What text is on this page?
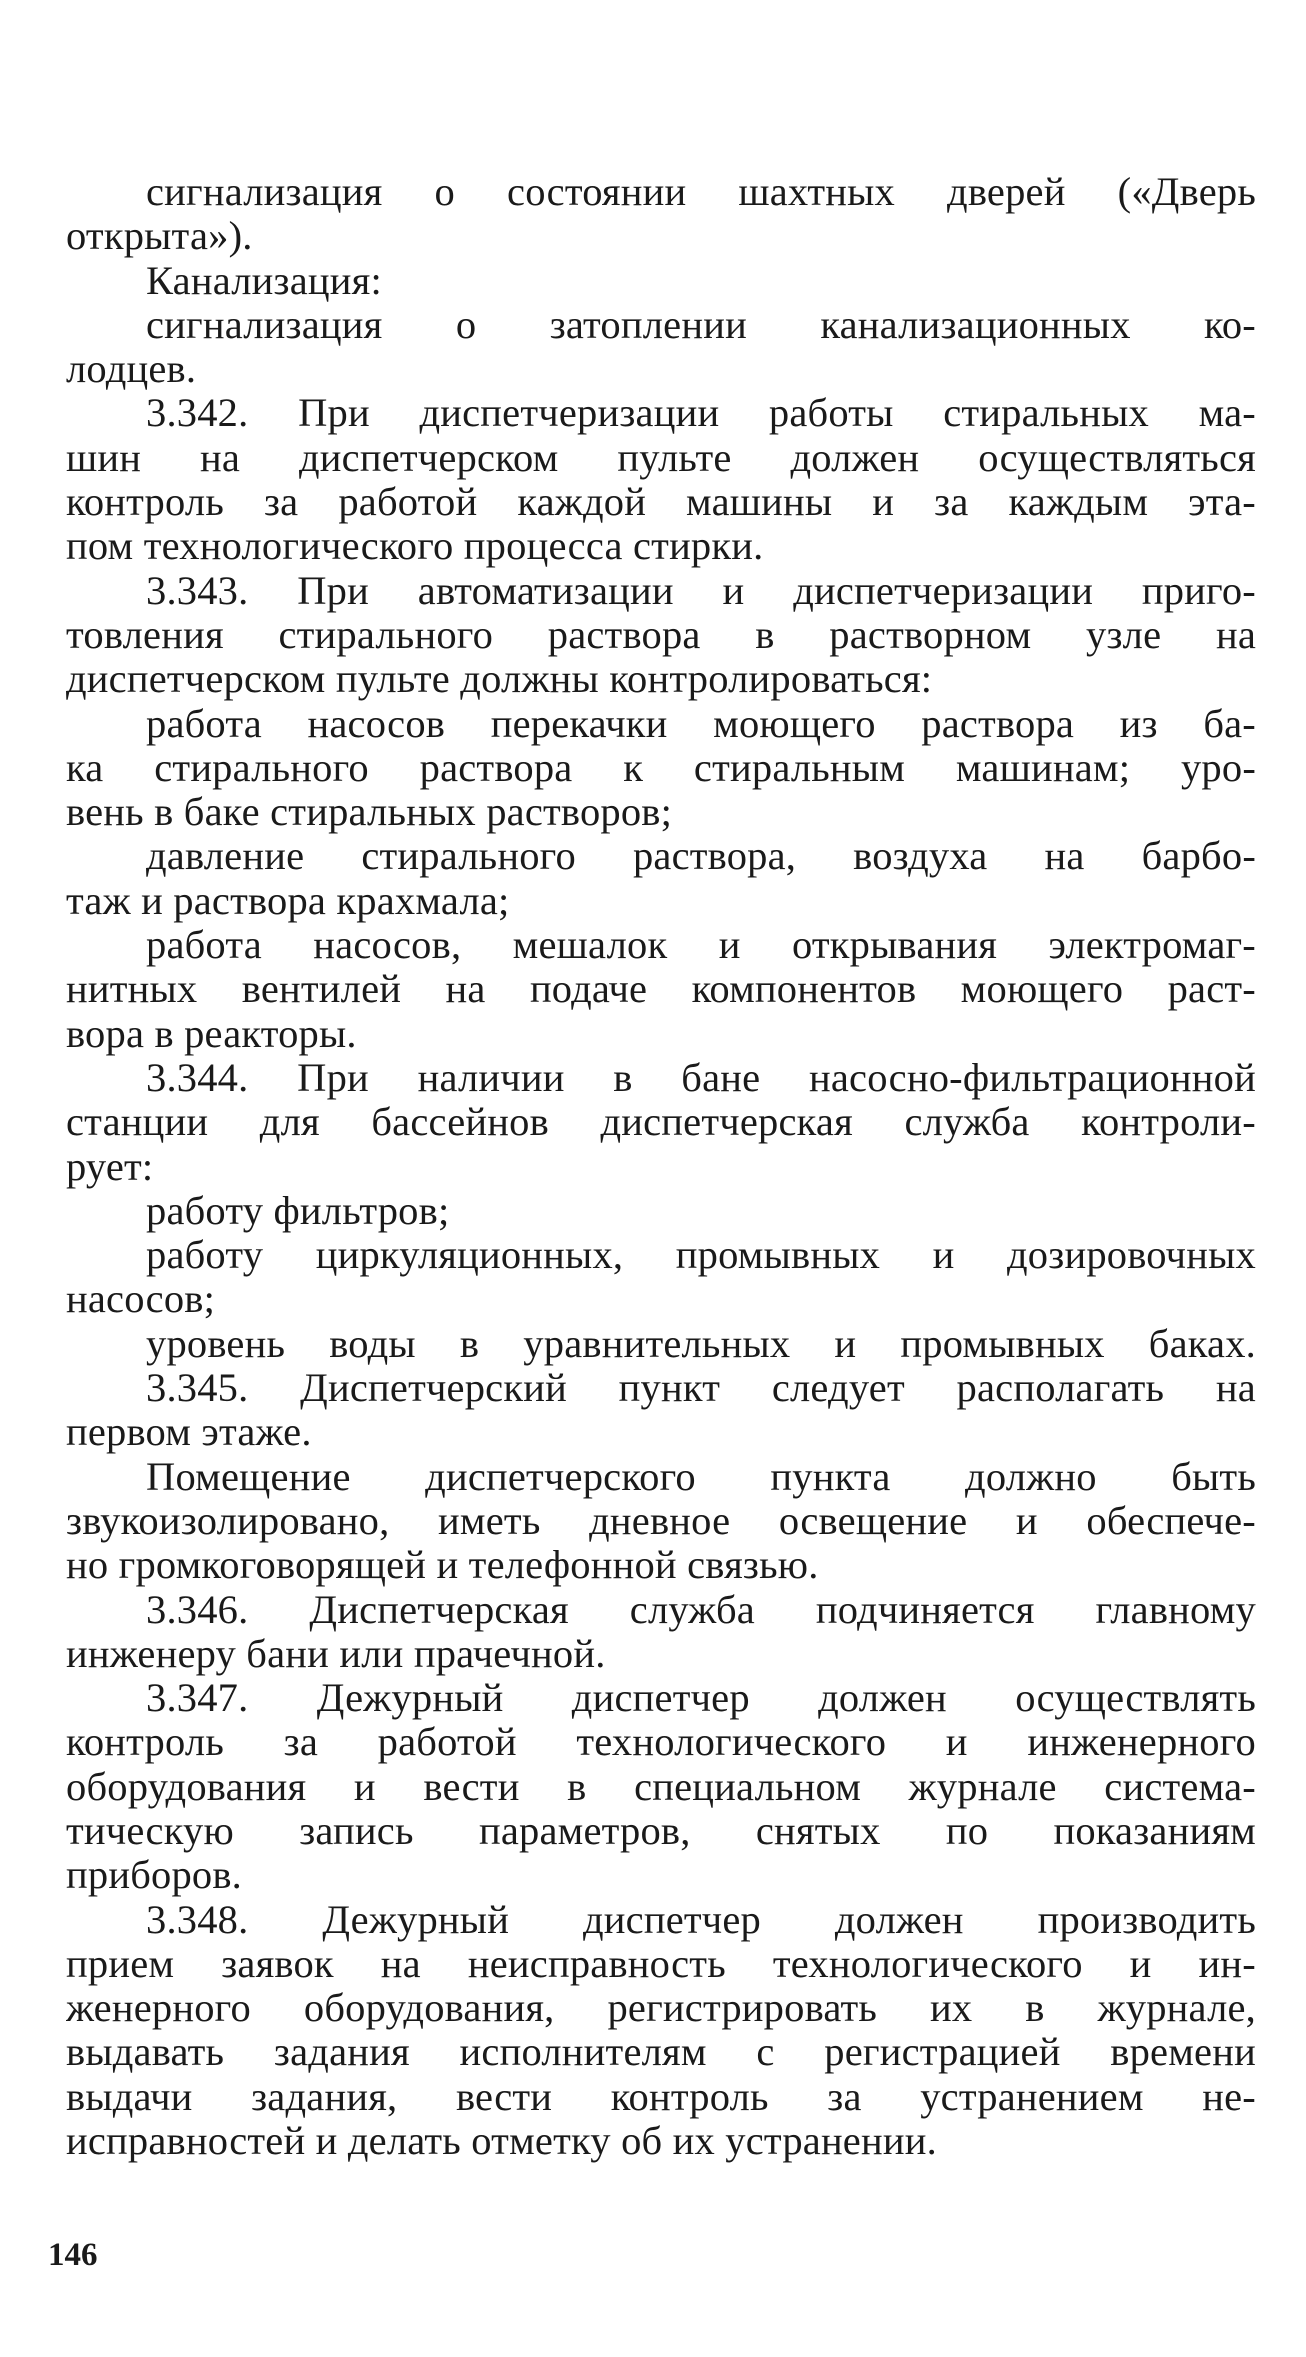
сигнализация о состоянии шахтных дверей («Дверь
открыта»).
Канализация:
сигнализация о затоплении канализационных ко-
лодцев.
3.342. При диспетчеризации работы стиральных ма-
шин на диспетчерском пульте должен осуществляться
контроль за работой каждой машины и за каждым эта-
пом технологического процесса стирки.
3.343. При автоматизации и диспетчеризации приго-
товления стирального раствора в растворном узле на
диспетчерском пульте должны контролироваться:
работа насосов перекачки моющего раствора из ба-
ка стирального раствора к стиральным машинам; уро-
вень в баке стиральных растворов;
давление стирального раствора, воздуха на барбо-
таж и раствора крахмала;
работа насосов, мешалок и открывания электромаг-
нитных вентилей на подаче компонентов моющего раст-
вора в реакторы.
3.344. При наличии в бане насосно-фильтрационной
станции для бассейнов диспетчерская служба контроли-
рует:
работу фильтров;
работу циркуляционных, промывных и дозировочных
насосов;
уровень воды в уравнительных и промывных баках.
3.345. Диспетчерский пункт следует располагать на
первом этаже.
Помещение диспетчерского пункта должно быть
звукоизолировано, иметь дневное освещение и обеспече-
но громкоговорящей и телефонной связью.
3.346. Диспетчерская служба подчиняется главному
инженеру бани или прачечной.
3.347. Дежурный диспетчер должен осуществлять
контроль за работой технологического и инженерного
оборудования и вести в специальном журнале система-
тическую запись параметров, снятых по показаниям
приборов.
3.348. Дежурный диспетчер должен производить
прием заявок на неисправность технологического и ин-
женерного оборудования, регистрировать их в журнале,
выдавать задания исполнителям с регистрацией времени
выдачи задания, вести контроль за устранением не-
исправностей и делать отметку об их устранении.
146
